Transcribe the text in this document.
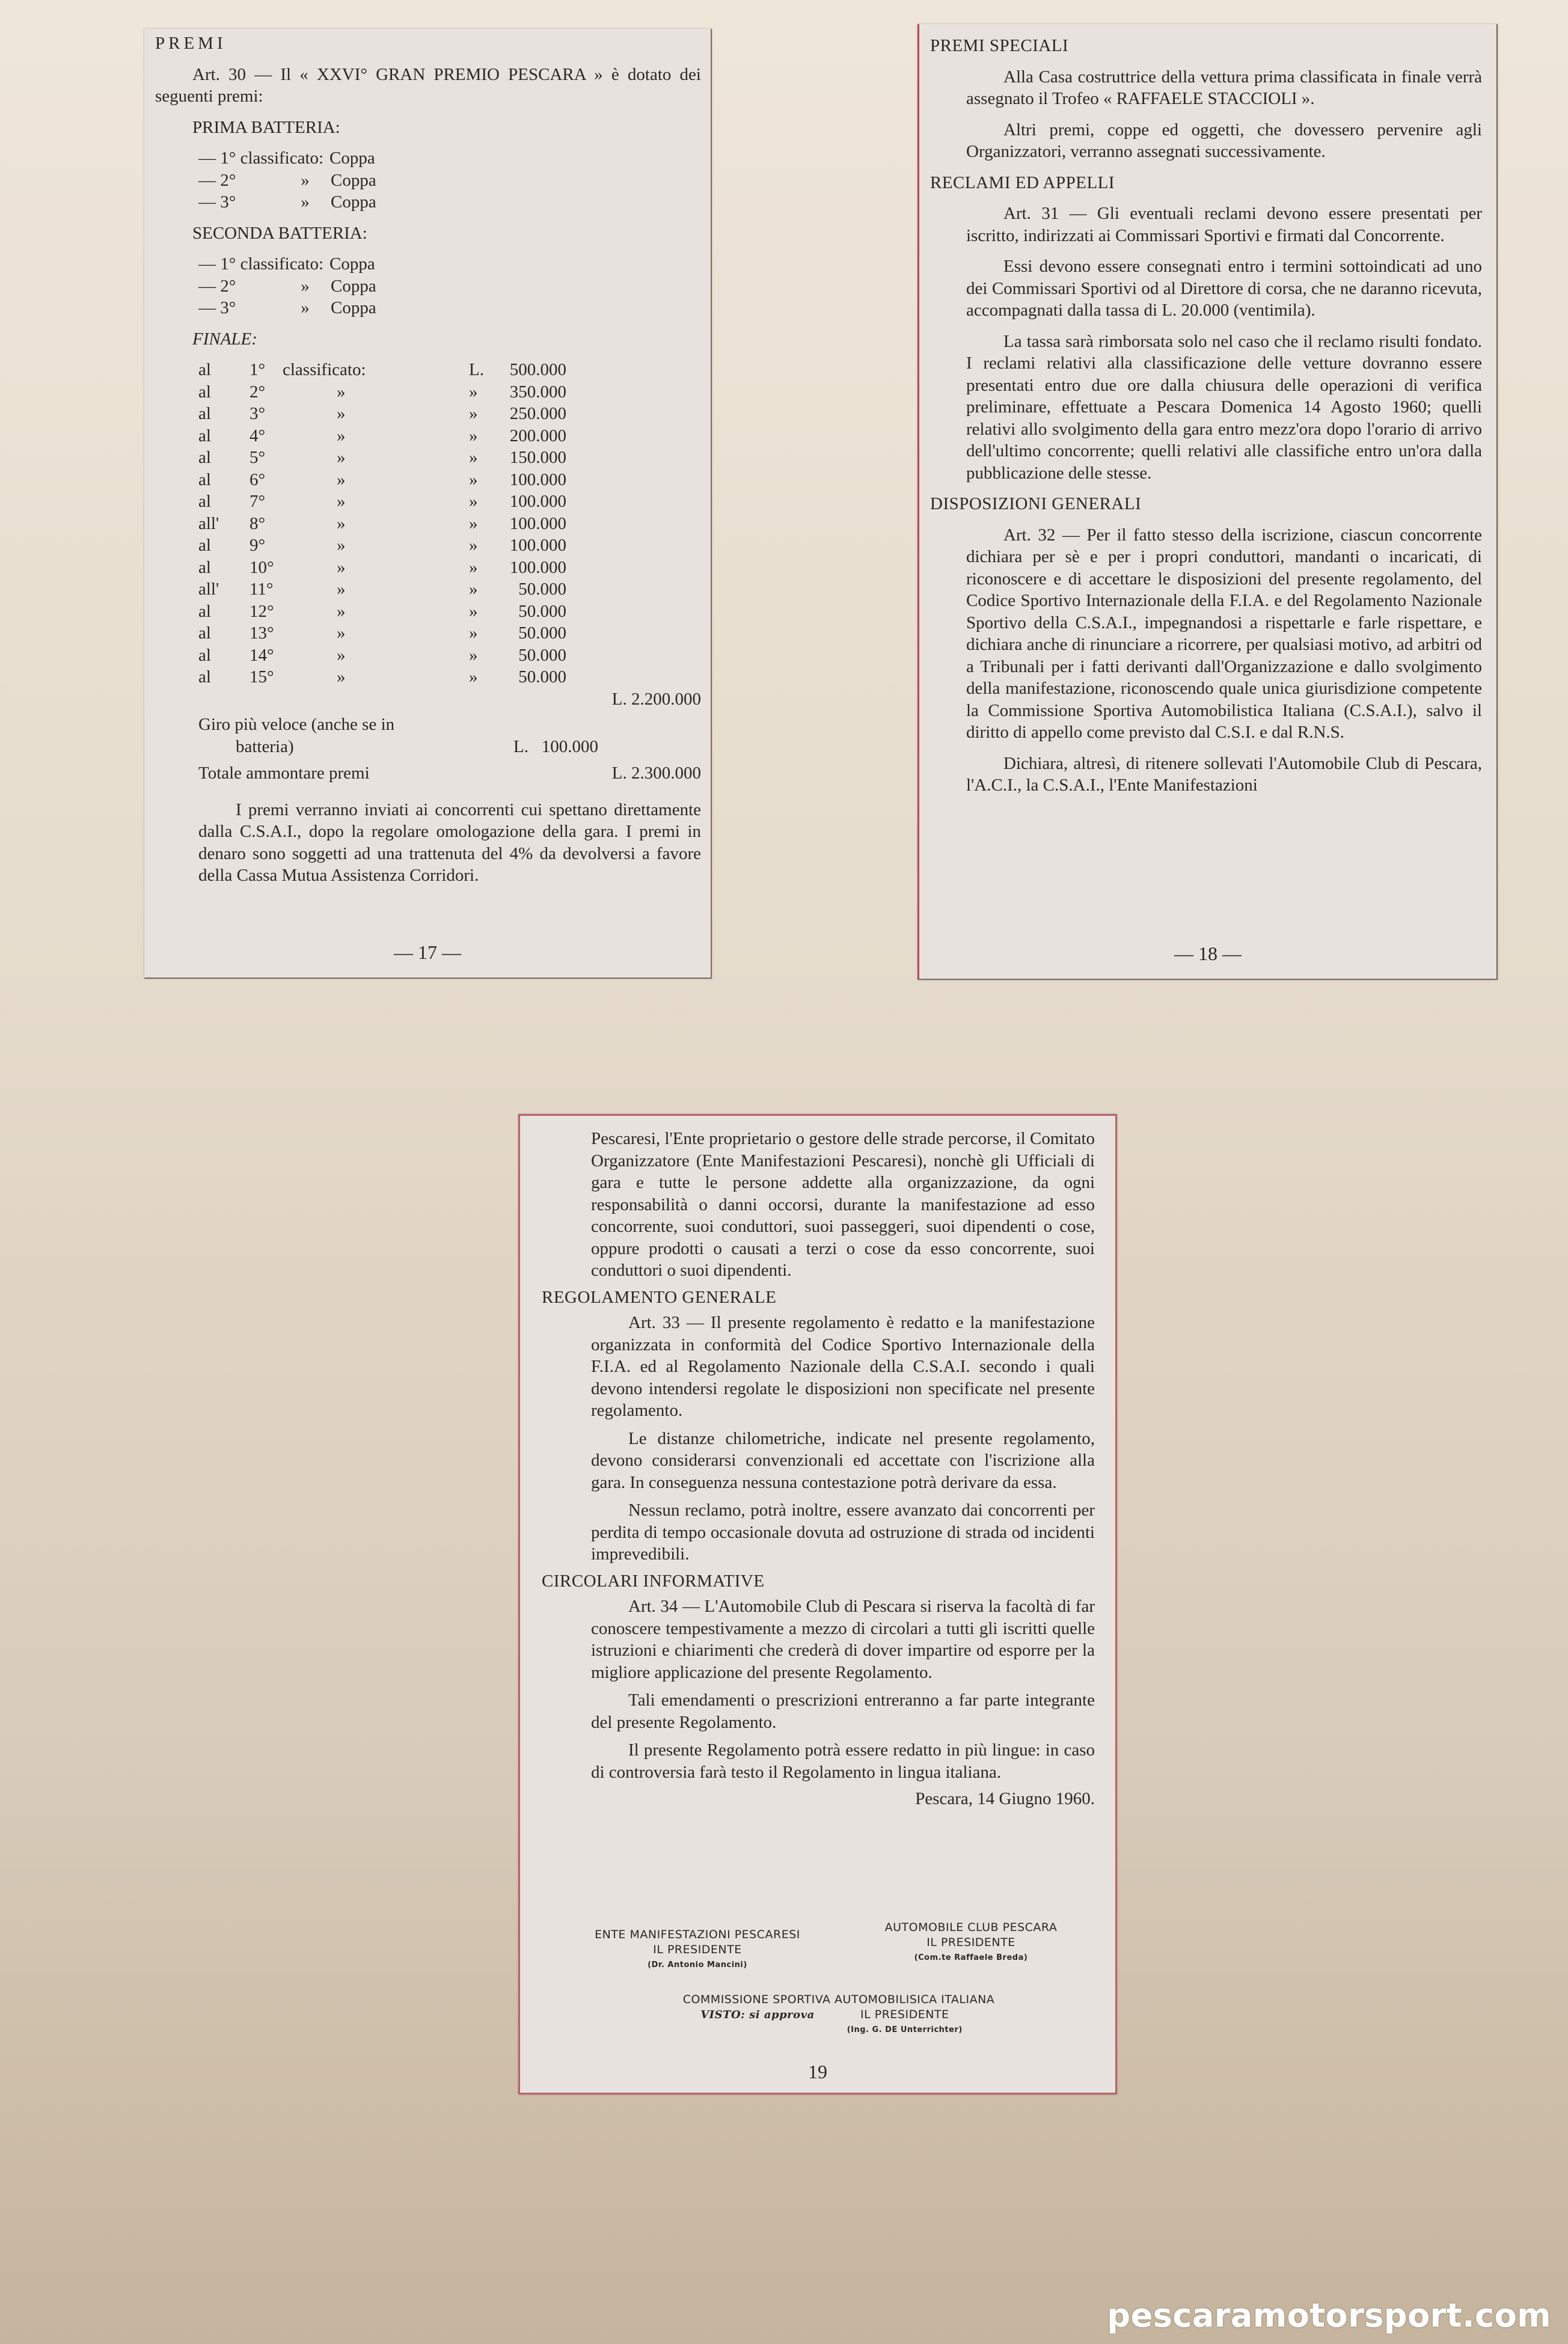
PREMI

Art. 30 — Il « XXVI° GRAN PREMIO PESCARA » è dotato dei seguenti premi:

PRIMA BATTERIA:

— 1° classificato: Coppa
— 2°	»	Coppa
— 3°	»	Coppa

SECONDA BATTERIA:

— 1° classificato: Coppa
— 2°	»	Coppa
— 3°	»	Coppa

FINALE:

al	1° classificato:	L.	500.000
al	2°	»	»	350.000
al	3°	»	»	250.000
al	4°	»	»	200.000
al	5°	»	»	150.000
al	6°	»	»	100.000
al	7°	»	»	100.000
all'	8°	»	»	100.000
al	9°	»	»	100.000
al	10°	»	»	100.000
all'	11°	»	»	50.000
al	12°	»	»	50.000
al	13°	»	»	50.000
al	14°	»	»	50.000
al	15°	»	»	50.000
L. 2.200.000

Giro più veloce (anche se in

batteria)	L.   100.000
Totale ammontare premi	L. 2.300.000

I premi verranno inviati ai concorrenti cui spettano direttamente dalla C.S.A.I., dopo la regolare omologazione della gara. I premi in denaro sono soggetti ad una trattenuta del 4% da devolversi a favore della Cassa Mutua Assistenza Corridori.

— 17 —

PREMI SPECIALI

Alla Casa costruttrice della vettura prima classificata in finale verrà assegnato il Trofeo « RAFFAELE STACCIOLI ».

Altri premi, coppe ed oggetti, che dovessero pervenire agli Organizzatori, verranno assegnati successivamente.

RECLAMI ED APPELLI

Art. 31 — Gli eventuali reclami devono essere presentati per iscritto, indirizzati ai Commissari Sportivi e firmati dal Concorrente.

Essi devono essere consegnati entro i termini sottoindicati ad uno dei Commissari Sportivi od al Direttore di corsa, che ne daranno ricevuta, accompagnati dalla tassa di L. 20.000 (ventimila).

La tassa sarà rimborsata solo nel caso che il reclamo risulti fondato. I reclami relativi alla classificazione delle vetture dovranno essere presentati entro due ore dalla chiusura delle operazioni di verifica preliminare, effettuate a Pescara Domenica 14 Agosto 1960; quelli relativi allo svolgimento della gara entro mezz'ora dopo l'orario di arrivo dell'ultimo concorrente; quelli relativi alle classifiche entro un'ora dalla pubblicazione delle stesse.

DISPOSIZIONI GENERALI

Art. 32 — Per il fatto stesso della iscrizione, ciascun concorrente dichiara per sè e per i propri conduttori, mandanti o incaricati, di riconoscere e di accettare le disposizioni del presente regolamento, del Codice Sportivo Internazionale della F.I.A. e del Regolamento Nazionale Sportivo della C.S.A.I., impegnandosi a rispettarle e farle rispettare, e dichiara anche di rinunciare a ricorrere, per qualsiasi motivo, ad arbitri od a Tribunali per i fatti derivanti dall'Organizzazione e dallo svolgimento della manifestazione, riconoscendo quale unica giurisdizione competente la Commissione Sportiva Automobilistica Italiana (C.S.A.I.), salvo il diritto di appello come previsto dal C.S.I. e dal R.N.S.

Dichiara, altresì, di ritenere sollevati l'Automobile Club di Pescara, l'A.C.I., la C.S.A.I., l'Ente Manifestazioni

— 18 —

Pescaresi, l'Ente proprietario o gestore delle strade percorse, il Comitato Organizzatore (Ente Manifestazioni Pescaresi), nonchè gli Ufficiali di gara e tutte le persone addette alla organizzazione, da ogni responsabilità o danni occorsi, durante la manifestazione ad esso concorrente, suoi conduttori, suoi passeggeri, suoi dipendenti o cose, oppure prodotti o causati a terzi o cose da esso concorrente, suoi conduttori o suoi dipendenti.

REGOLAMENTO GENERALE

Art. 33 — Il presente regolamento è redatto e la manifestazione organizzata in conformità del Codice Sportivo Internazionale della F.I.A. ed al Regolamento Nazionale della C.S.A.I. secondo i quali devono intendersi regolate le disposizioni non specificate nel presente regolamento.

Le distanze chilometriche, indicate nel presente regolamento, devono considerarsi convenzionali ed accettate con l'iscrizione alla gara. In conseguenza nessuna contestazione potrà derivare da essa.

Nessun reclamo, potrà inoltre, essere avanzato dai concorrenti per perdita di tempo occasionale dovuta ad ostruzione di strada od incidenti imprevedibili.

CIRCOLARI INFORMATIVE

Art. 34 — L'Automobile Club di Pescara si riserva la facoltà di far conoscere tempestivamente a mezzo di circolari a tutti gli iscritti quelle istruzioni e chiarimenti che crederà di dover impartire od esporre per la migliore applicazione del presente Regolamento.

Tali emendamenti o prescrizioni entreranno a far parte integrante del presente Regolamento.

Il presente Regolamento potrà essere redatto in più lingue: in caso di controversia farà testo il Regolamento in lingua italiana.

Pescara, 14 Giugno 1960.

ENTE MANIFESTAZIONI PESCARESI
IL PRESIDENTE
(Dr. Antonio Mancini)
AUTOMOBILE CLUB PESCARA
IL PRESIDENTE
(Com.te Raffaele Breda)
COMMISSIONE SPORTIVA AUTOMOBILISICA ITALIANA
VISTO: si approva	IL PRESIDENTE
(Ing. G. DE Unterrichter)
19
pescaramotorsport.com
